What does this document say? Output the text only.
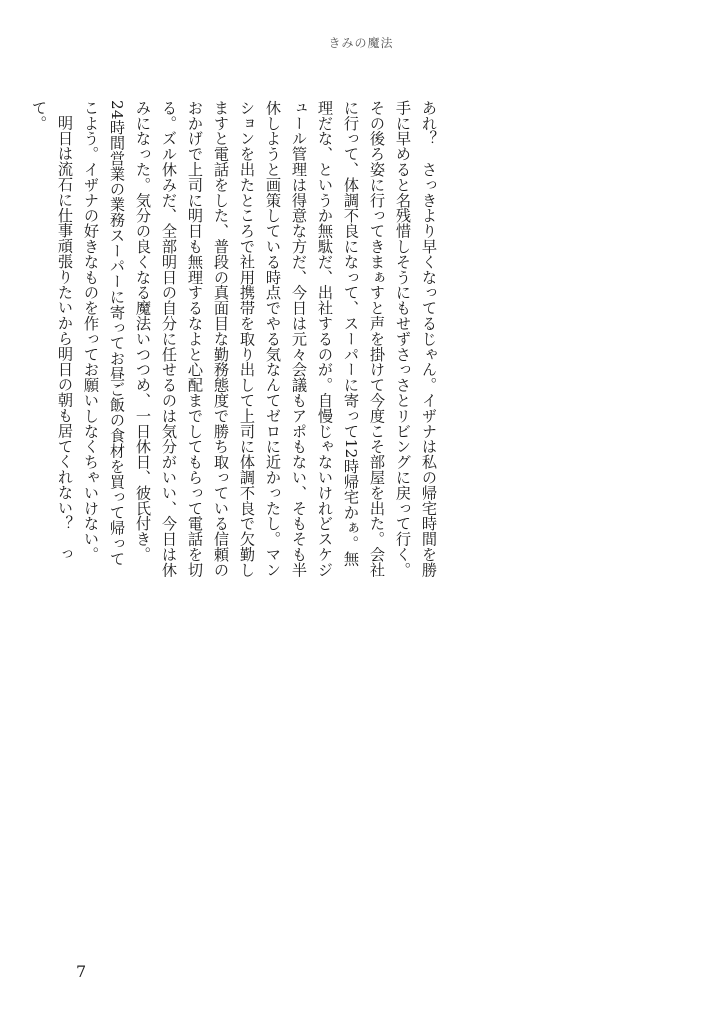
きみの魔法

あれ？　さっきより早くなってるじゃん。イザナは私の帰宅時間を勝手に早めると名残惜しそうにもせずさっさとリビングに戻って行く。その後ろ姿に行ってきまぁすと声を掛けて今度こそ部屋を出た。会社に行って、体調不良になって、スーパーに寄って12時帰宅かぁ。無理だな、というか無駄だ、出社するのが。自慢じゃないけれどスケジュール管理は得意な方だ、今日は元々会議もアポもない、そもそも半休しようと画策している時点でやる気なんてゼロに近かったし。マンションを出たところで社用携帯を取り出して上司に体調不良で欠勤しますと電話をした、普段の真面目な勤務態度で勝ち取っている信頼のおかげで上司に明日も無理するなよと心配までしてもらって電話を切る。ズル休みだ、全部明日の自分に任せるのは気分がいい、今日は休みになった。気分の良くなる魔法いつつめ、一日休日、彼氏付き。24時間営業の業務スーパーに寄ってお昼ご飯の食材を買って帰ってこよう。イザナの好きなものを作ってお願いしなくちゃいけない。

明日は流石に仕事頑張りたいから明日の朝も居てくれない？　って。

7
